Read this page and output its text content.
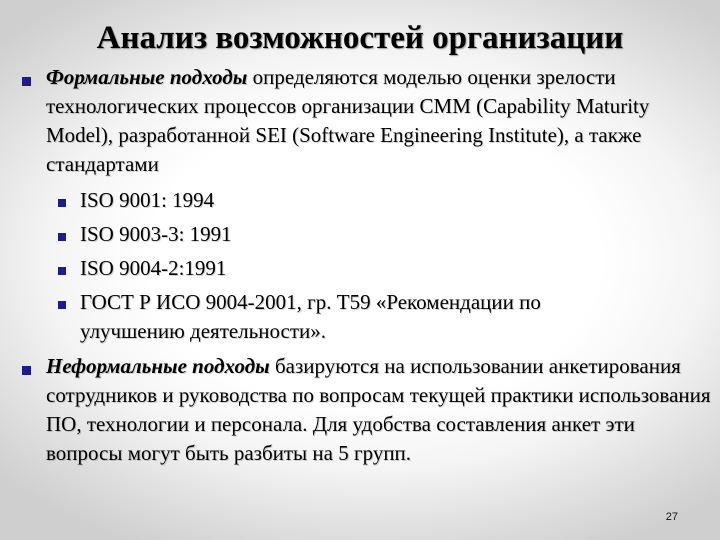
Анализ возможностей организации
Формальные подходы определяются моделью оценки зрелости технологических процессов организации CMM (Capability Maturity Model), разработанной SEI (Software Engineering Institute), а также стандартами
ISO 9001: 1994
ISO 9003-3: 1991
ISO 9004-2:1991
ГОСТ Р ИСО 9004-2001, гр. Т59 «Рекомендации по улучшению деятельности».
Неформальные подходы базируются на использовании анкетирования сотрудников и руководства по вопросам текущей практики использования ПО, технологии и персонала. Для удобства составления анкет эти вопросы могут быть разбиты на 5 групп.
27
